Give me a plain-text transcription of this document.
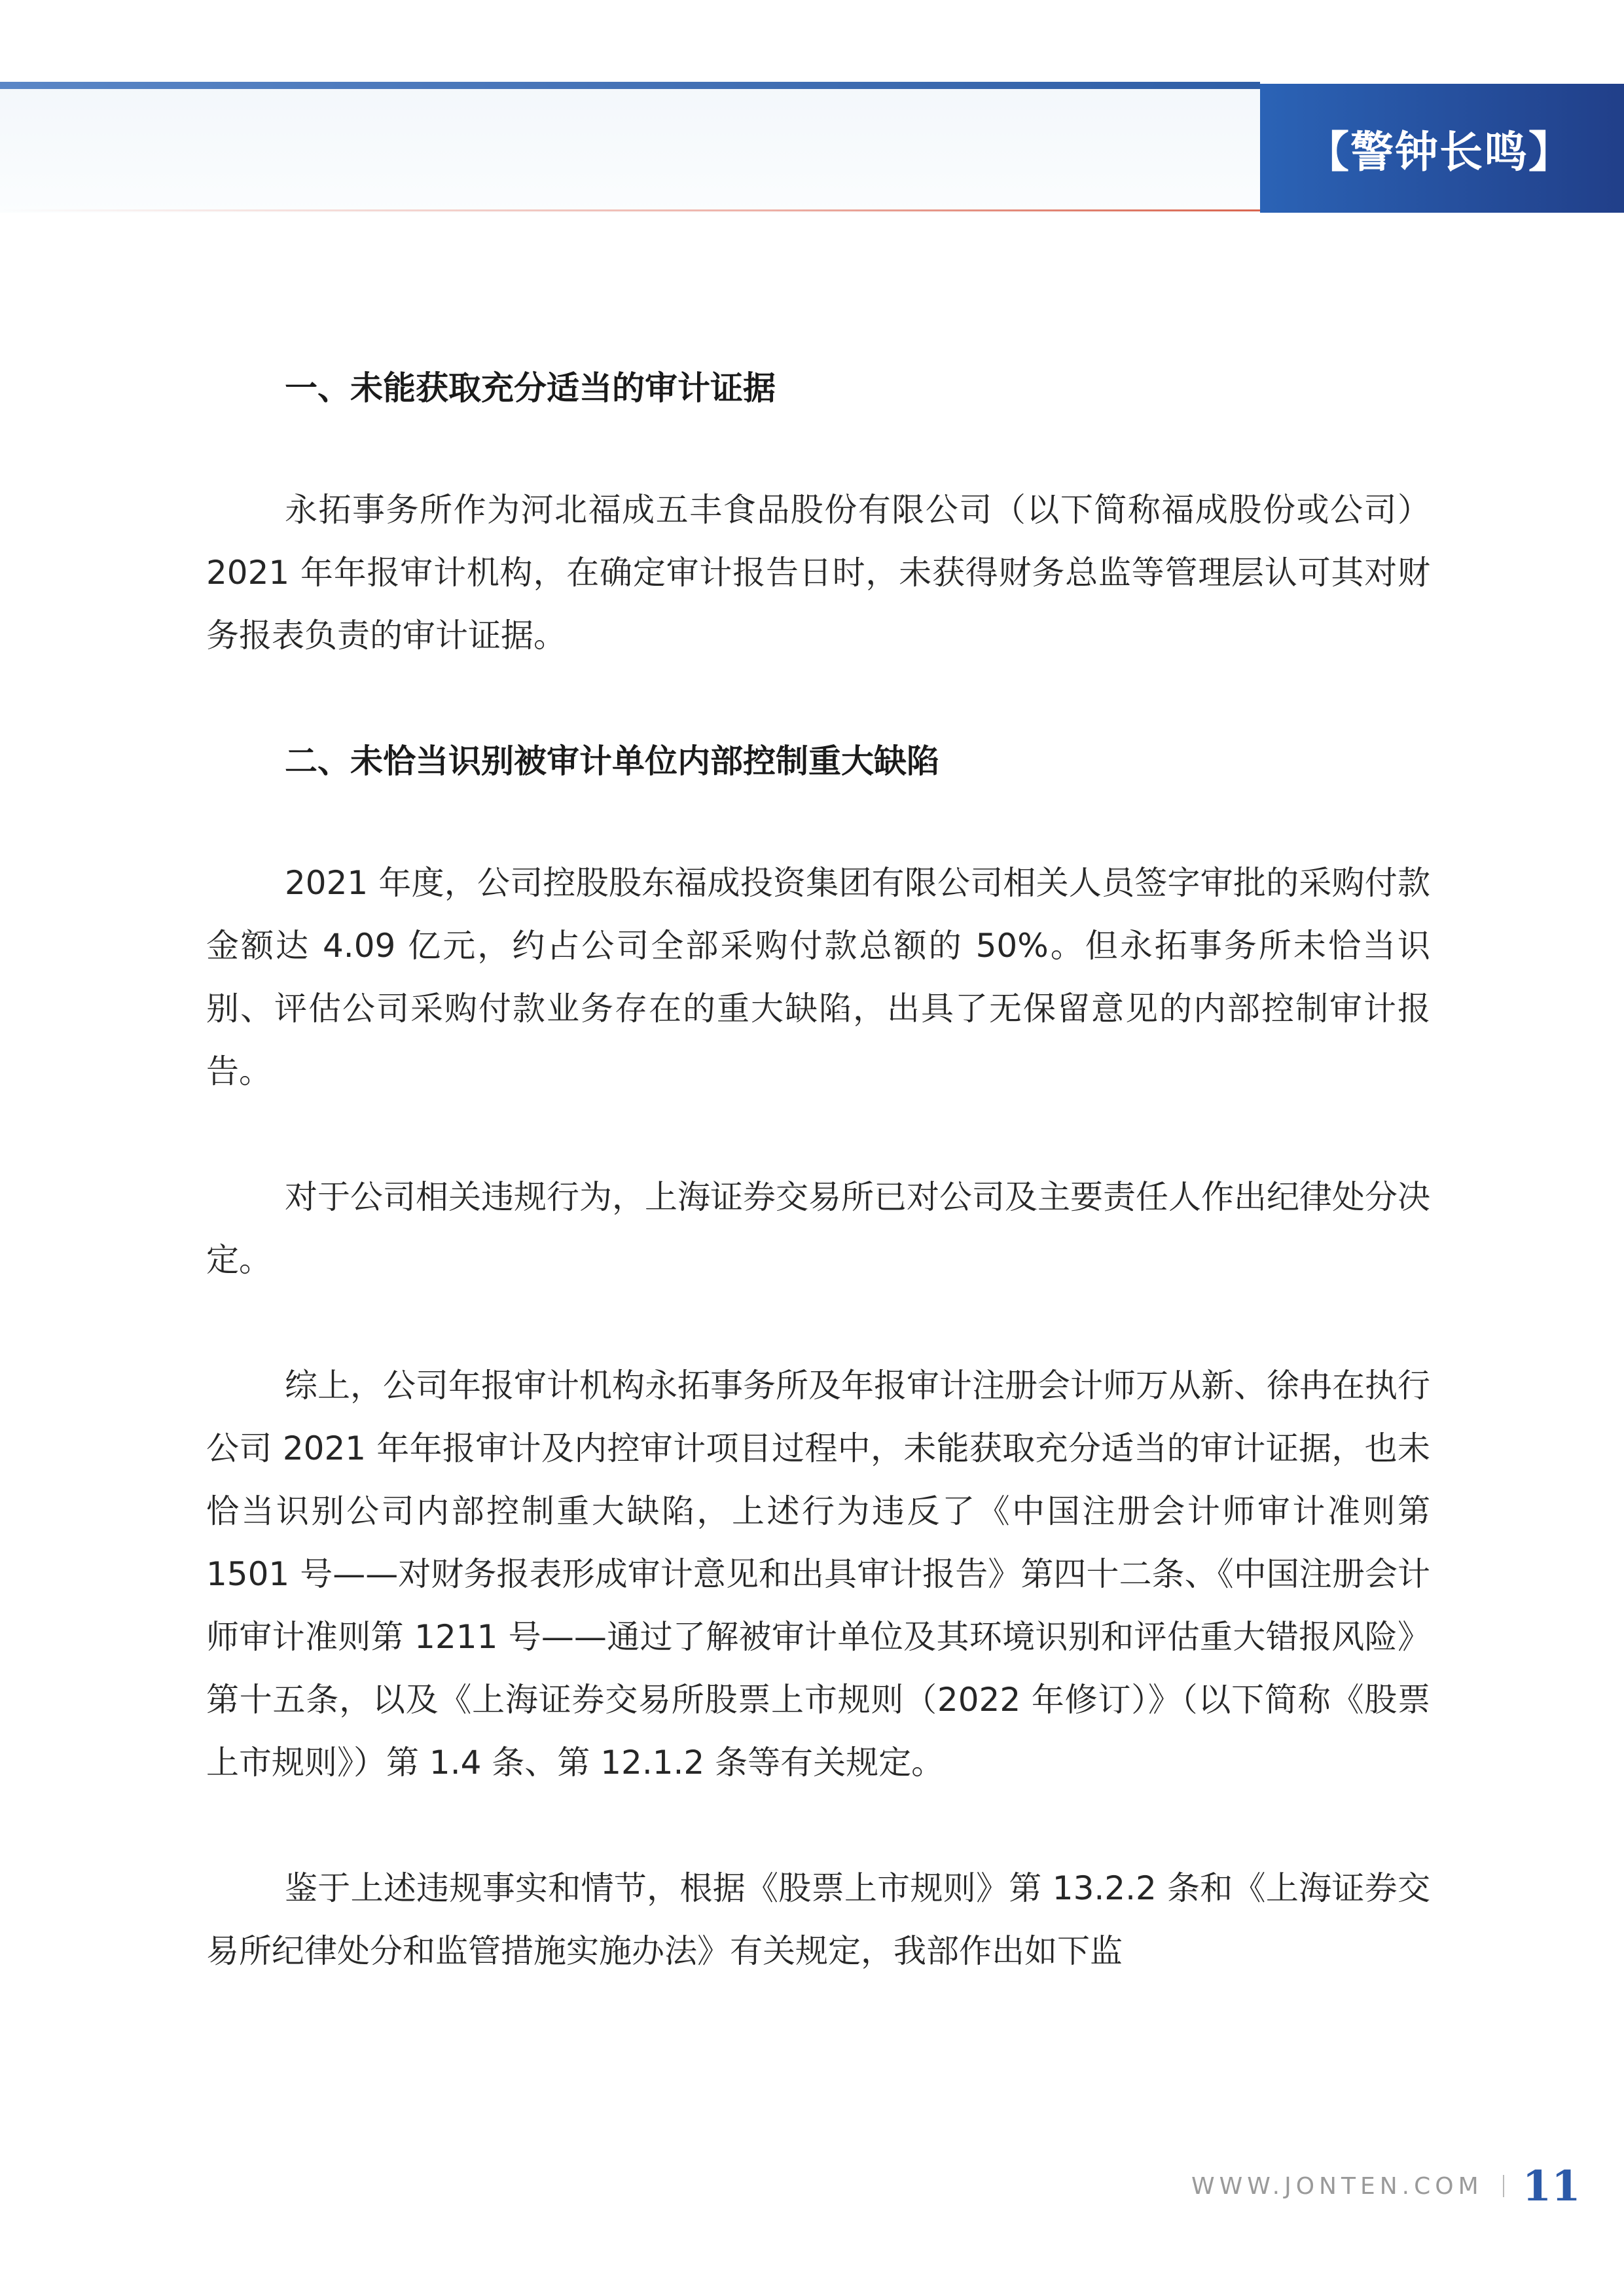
【警钟长鸣】

一、未能获取充分适当的审计证据

永拓事务所作为河北福成五丰食品股份有限公司（以下简称福成股份或公司）2021 年年报审计机构，在确定审计报告日时，未获得财务总监等管理层认可其对财务报表负责的审计证据。

二、未恰当识别被审计单位内部控制重大缺陷

2021 年度，公司控股股东福成投资集团有限公司相关人员签字审批的采购付款金额达 4.09 亿元，约占公司全部采购付款总额的 50%。但永拓事务所未恰当识别、评估公司采购付款业务存在的重大缺陷，出具了无保留意见的内部控制审计报告。

对于公司相关违规行为，上海证券交易所已对公司及主要责任人作出纪律处分决定。

综上，公司年报审计机构永拓事务所及年报审计注册会计师万从新、徐冉在执行公司 2021 年年报审计及内控审计项目过程中，未能获取充分适当的审计证据，也未恰当识别公司内部控制重大缺陷，上述行为违反了《中国注册会计师审计准则第 1501 号——对财务报表形成审计意见和出具审计报告》第四十二条、《中国注册会计师审计准则第 1211 号——通过了解被审计单位及其环境识别和评估重大错报风险》第十五条，以及《上海证券交易所股票上市规则（2022 年修订）》（以下简称《股票上市规则》）第 1.4 条、第 12.1.2 条等有关规定。

鉴于上述违规事实和情节，根据《股票上市规则》第 13.2.2 条和《上海证券交易所纪律处分和监管措施实施办法》有关规定，我部作出如下监

WWW.JONTEN.COM 11
